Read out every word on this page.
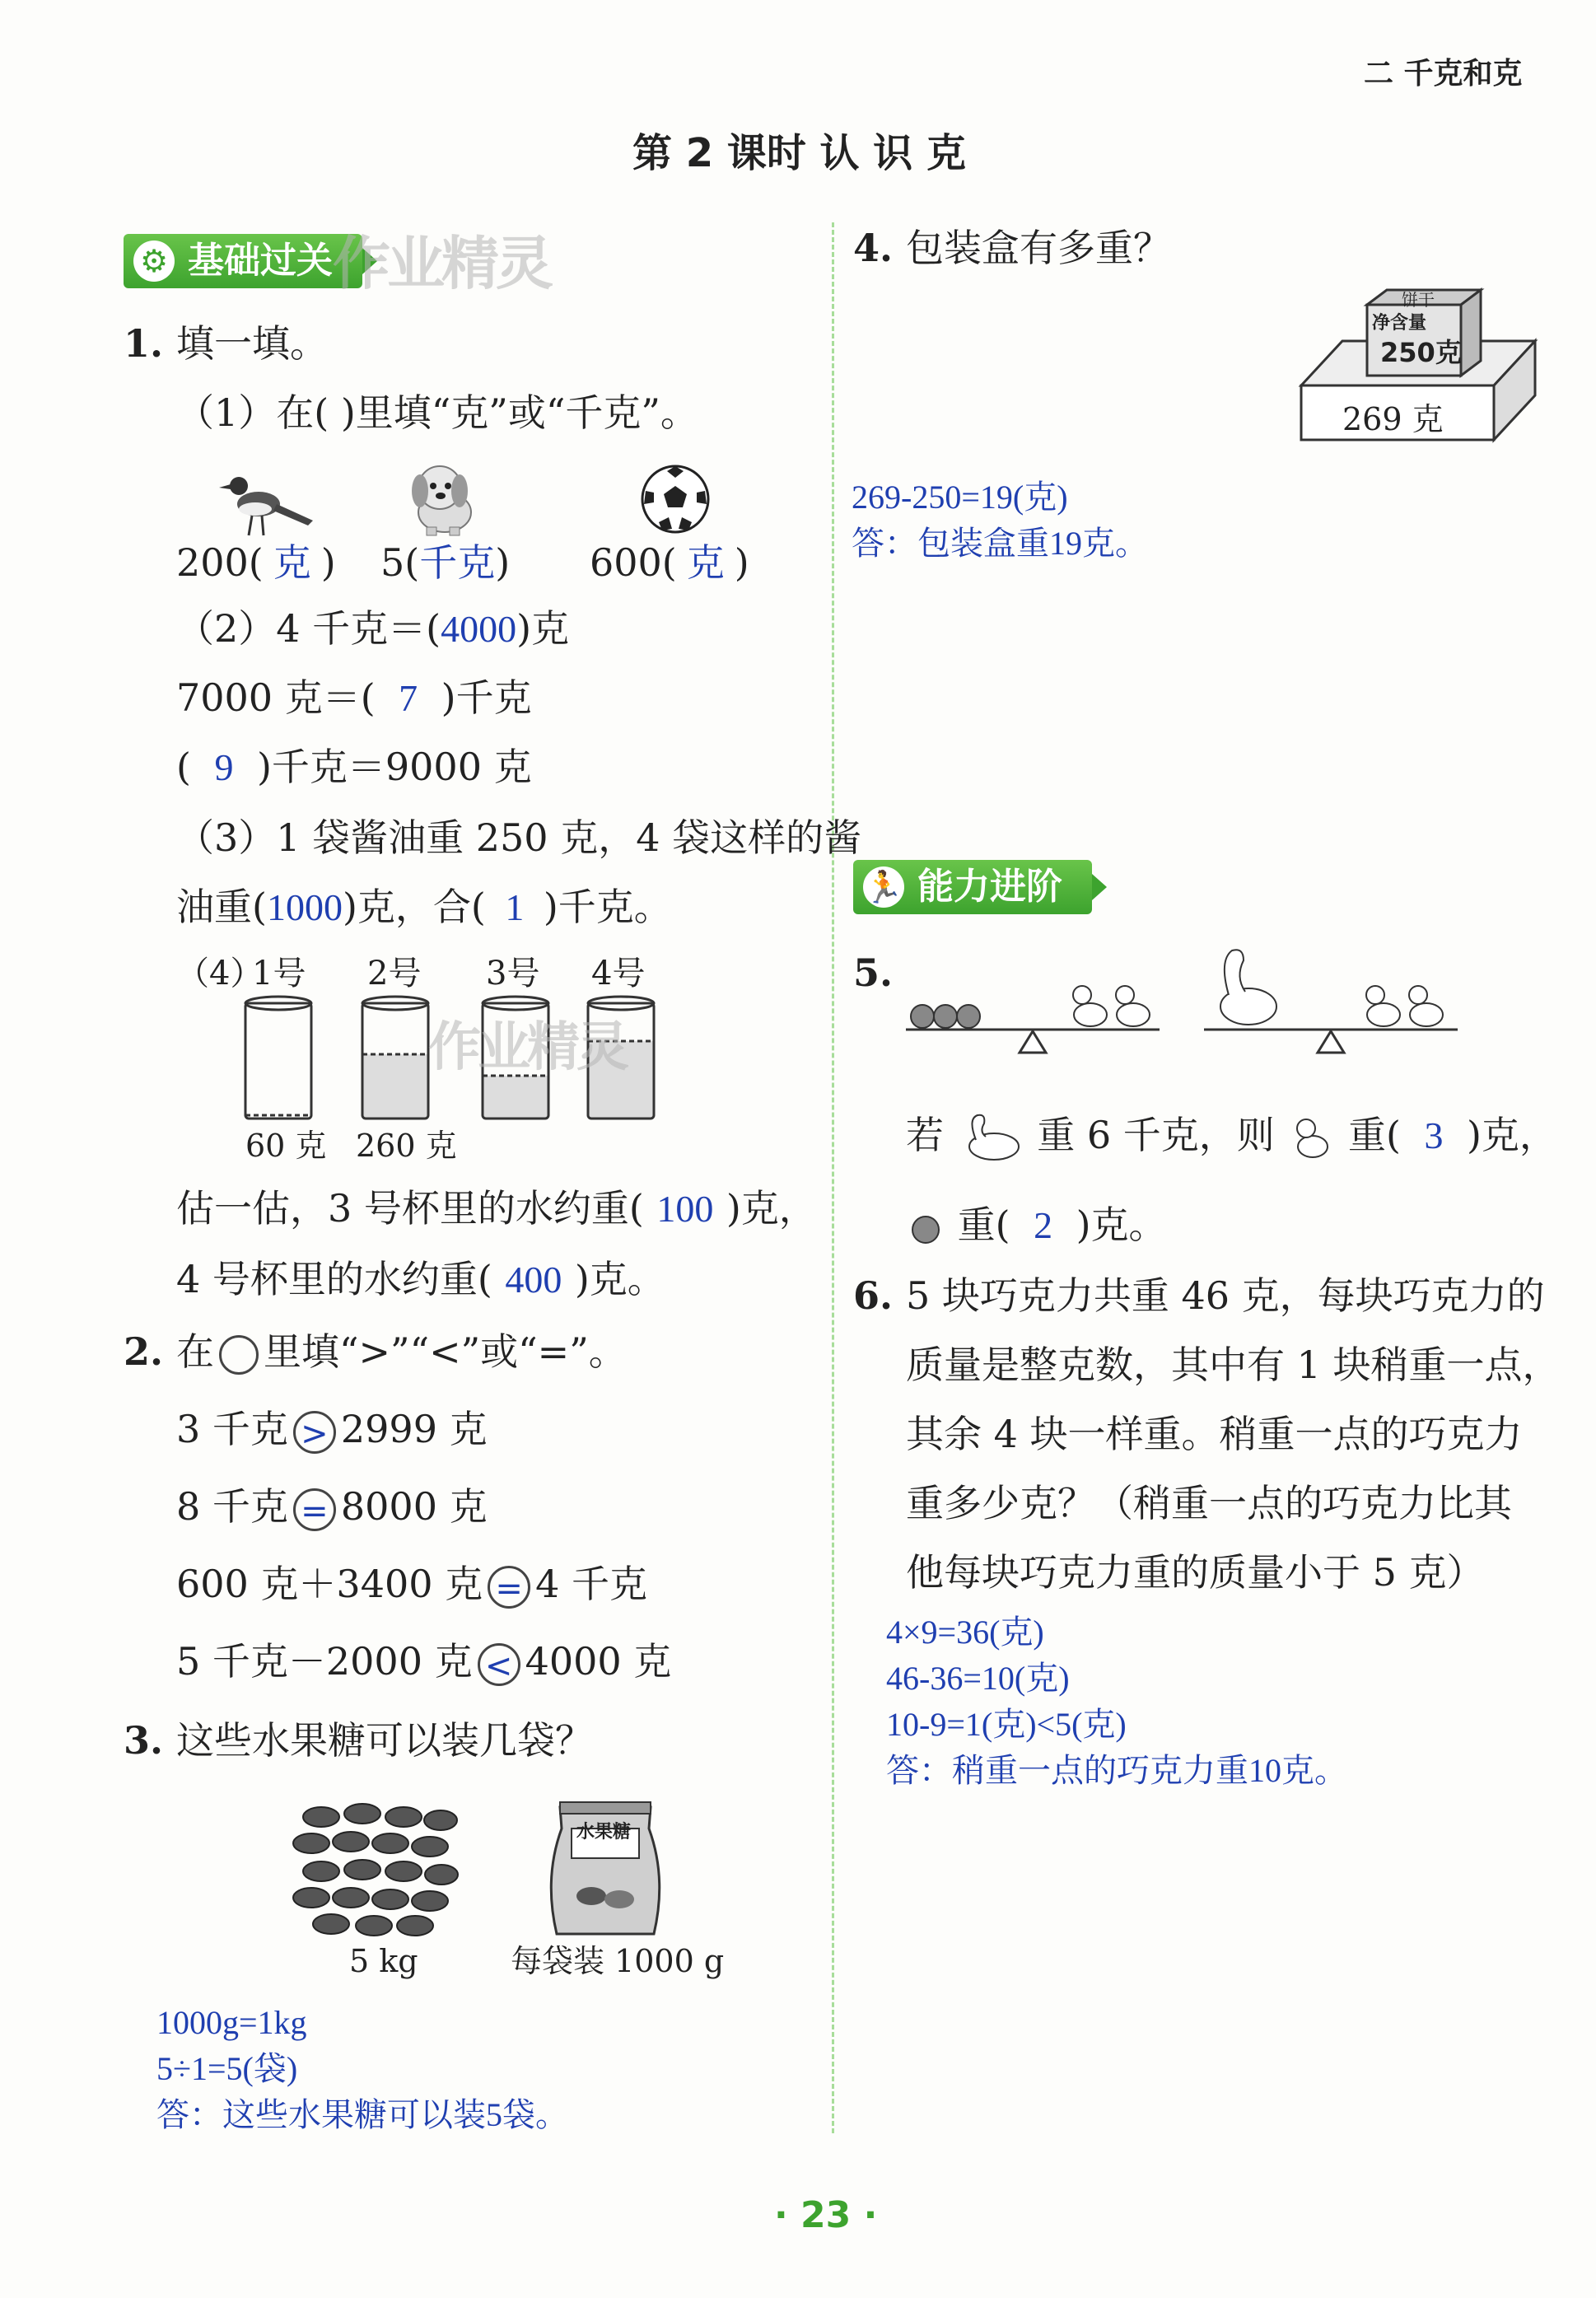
二 千克和克
第 2 课时 认 识 克
⚙ 基础过关 作业精灵
1. 填一填。
（1）在( )里填“克”或“千克”。
200( 克 ) 5(千克) 600( 克 )
（2）4 千克＝(4000)克
7000 克＝( 7 )千克
( 9 )千克＝9000 克
（3）1 袋酱油重 250 克，4 袋这样的酱
油重(1000)克，合( 1 )千克。
（4）
1号 2号 3号 4号
作业精灵
60 克 260 克
估一估，3 号杯里的水约重( 100 )克，
4 号杯里的水约重( 400 )克。
2. 在 里填“>”“<”或“=”。
3 千克 > 2999 克
8 千克 = 8000 克
600 克＋3400 克 = 4 千克
5 千克－2000 克 < 4000 克
3. 这些水果糖可以装几袋？
水果糖
5 kg	每袋装 1000 g
1000g=1kg
5÷1=5(袋)
答：这些水果糖可以装5袋。
4. 包装盒有多重？
饼干
净含量
250克
269 克
269-250=19(克)
答：包装盒重19克。
🏃 能力进阶
5.
若 重 6 千克，则 重( 3 )克，
重( 2 )克。
6. 5 块巧克力共重 46 克，每块巧克力的
质量是整克数，其中有 1 块稍重一点，
其余 4 块一样重。稍重一点的巧克力
重多少克？（稍重一点的巧克力比其
他每块巧克力重的质量小于 5 克）
4×9=36(克)
46-36=10(克)
10-9=1(克)<5(克)
答：稍重一点的巧克力重10克。
· 23 ·
